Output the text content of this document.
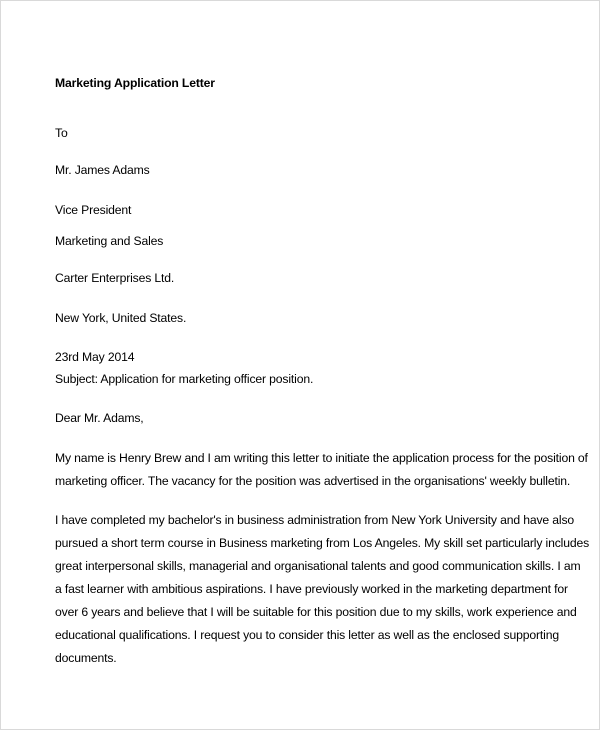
Marketing Application Letter
To
Mr. James Adams
Vice President
Marketing and Sales
Carter Enterprises Ltd.
New York, United States.
23rd May 2014
Subject: Application for marketing officer position.
Dear Mr. Adams,
My name is Henry Brew and I am writing this letter to initiate the application process for the position of
marketing officer. The vacancy for the position was advertised in the organisations' weekly bulletin.
I have completed my bachelor's in business administration from New York University and have also
pursued a short term course in Business marketing from Los Angeles. My skill set particularly includes
great interpersonal skills, managerial and organisational talents and good communication skills. I am
a fast learner with ambitious aspirations. I have previously worked in the marketing department for
over 6 years and believe that I will be suitable for this position due to my skills, work experience and
educational qualifications. I request you to consider this letter as well as the enclosed supporting
documents.
